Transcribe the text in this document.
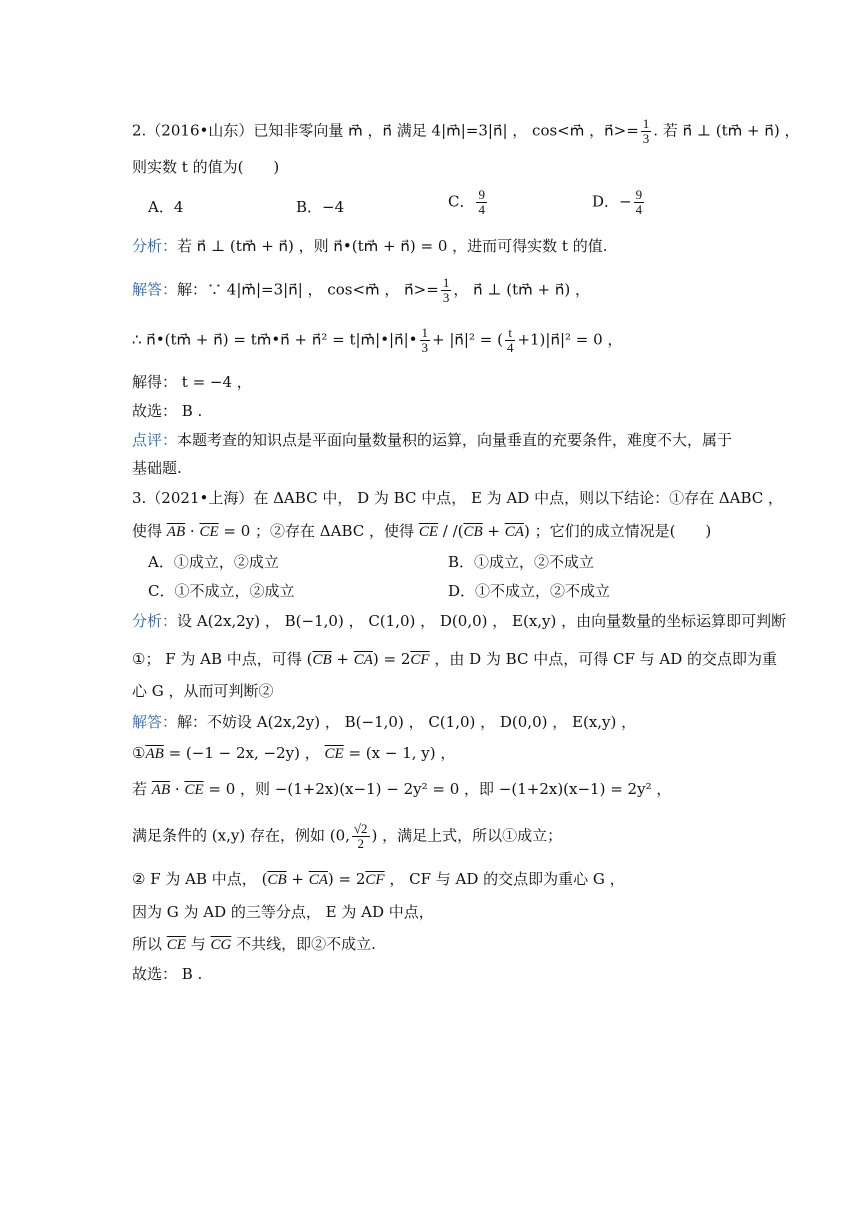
2.（2016•山东）已知非零向量 m⃗ ，n⃗ 满足 4|m⃗|=3|n⃗| ， cos<m⃗ ，n⃗>= $\frac{1}{3}$ . 若 n⃗ ⊥ (tm⃗ + n⃗) ，
则实数 t 的值为(　　)
A．4	B．−4	C． $\frac{9}{4}$	D．− $\frac{9}{4}$
分析：若 n⃗ ⊥ (tm⃗ + n⃗) ，则 n⃗•(tm⃗ + n⃗) = 0 ，进而可得实数 t 的值.
解答：解：∵ 4|m⃗|=3|n⃗| ， cos<m⃗ ， n⃗>= $\frac{1}{3}$ ， n⃗ ⊥ (tm⃗ + n⃗) ，
∴ n⃗•(tm⃗ + n⃗) = tm⃗•n⃗ + n⃗² = t|m⃗|•|n⃗|• $\frac{1}{3}$ + |n⃗|² = ( $\frac{t}{4}$ +1)|n⃗|² = 0 ，
解得： t = −4 ，
故选： B .
点评：本题考查的知识点是平面向量数量积的运算，向量垂直的充要条件，难度不大，属于
基础题.
3.（2021•上海）在 ΔABC 中， D 为 BC 中点， E 为 AD 中点，则以下结论：①存在 ΔABC ，
使得 $\overline{AB} \cdot \overline{CE} = 0$ ；②存在 ΔABC ，使得 $\overline{CE} / /(\overline{CB} + \overline{CA})$ ；它们的成立情况是(　　)
A．①成立，②成立	B．①成立，②不成立
C．①不成立，②成立	D．①不成立，②不成立
分析：设 A(2x,2y) ， B(−1,0) ， C(1,0) ， D(0,0) ， E(x,y) ，由向量数量的坐标运算即可判断
①； F 为 AB 中点，可得 $(\overline{CB} + \overline{CA}) = 2\overline{CF}$ ，由 D 为 BC 中点，可得 CF 与 AD 的交点即为重
心 G ，从而可判断②
解答：解：不妨设 A(2x,2y) ， B(−1,0) ， C(1,0) ， D(0,0) ， E(x,y) ，
$①\overline{AB} = (-1 - 2x$, −2y) ， $\overline{CE} = (x - 1$, y) ，
若 $\overline{AB} \cdot \overline{CE} = 0$ ，则 −(1+2x)(x−1) − 2y² = 0 ，即 −(1+2x)(x−1) = 2y² ，
满足条件的 (x,y) 存在，例如 (0, $\frac{√2}{2}$ ) ，满足上式，所以①成立；
② F 为 AB 中点， $(\overline{CB} + \overline{CA}) = 2\overline{CF}$ ， CF 与 AD 的交点即为重心 G ，
因为 G 为 AD 的三等分点， E 为 AD 中点，
所以 $\overline{CE}$ 与 $\overline{CG}$ 不共线，即②不成立.
故选： B .
